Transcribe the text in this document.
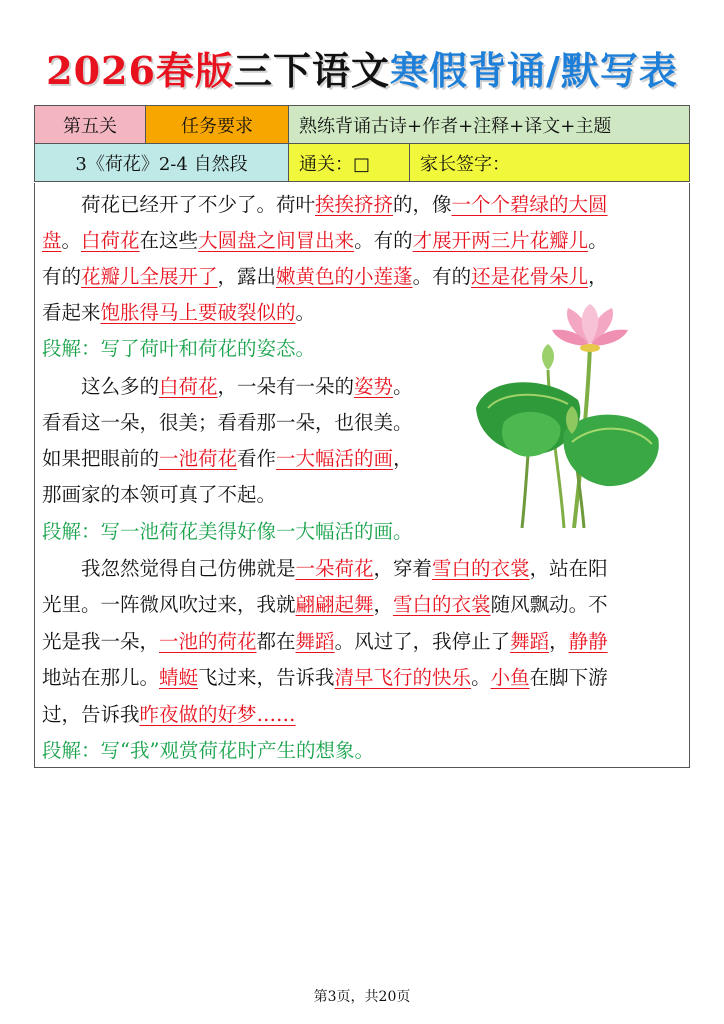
2026春版三下语文寒假背诵/默写表
第五关	任务要求	熟练背诵古诗+作者+注释+译文+主题	
3《荷花》2-4 自然段		通关：□	家长签字：
　　荷花已经开了不少了。荷叶挨挨挤挤的，像一个个碧绿的大圆
盘。白荷花在这些大圆盘之间冒出来。有的才展开两三片花瓣儿。
有的花瓣儿全展开了，露出嫩黄色的小莲蓬。有的还是花骨朵儿，
看起来饱胀得马上要破裂似的。
段解：写了荷叶和荷花的姿态。
　　这么多的白荷花，一朵有一朵的姿势。
看看这一朵，很美；看看那一朵，也很美。
如果把眼前的一池荷花看作一大幅活的画，
那画家的本领可真了不起。
段解：写一池荷花美得好像一大幅活的画。
　　我忽然觉得自己仿佛就是一朵荷花，穿着雪白的衣裳，站在阳
光里。一阵微风吹过来，我就翩翩起舞，雪白的衣裳随风飘动。不
光是我一朵，一池的荷花都在舞蹈。风过了，我停止了舞蹈，静静
地站在那儿。蜻蜓飞过来，告诉我清早飞行的快乐。小鱼在脚下游
过，告诉我昨夜做的好梦……
段解：写“我”观赏荷花时产生的想象。
第3页，共20页
